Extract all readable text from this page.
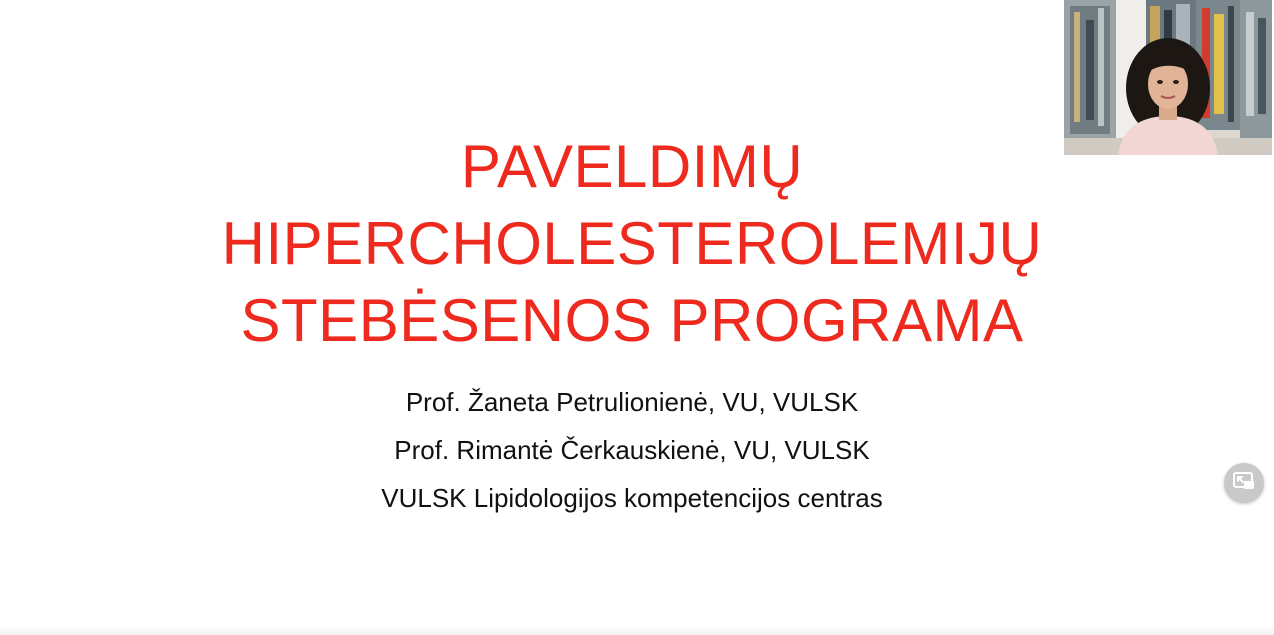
PAVELDIMŲ
HIPERCHOLESTEROLEMIJŲ
STEBĖSENOS PROGRAMA
Prof. Žaneta Petrulionienė, VU, VULSK
Prof. Rimantė Čerkauskienė, VU, VULSK
VULSK Lipidologijos kompetencijos centras
